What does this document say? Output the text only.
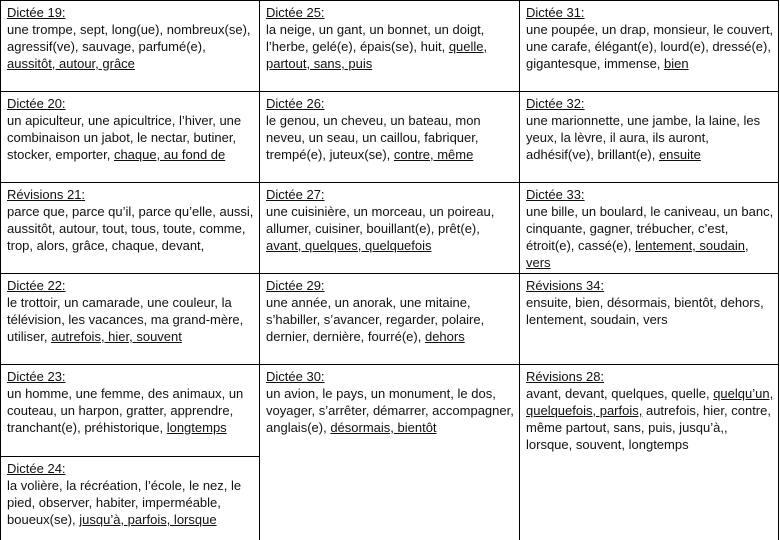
Dictée 19:
une trompe, sept, long(ue), nombreux(se), agressif(ve), sauvage, parfumé(e), aussitôt, autour, grâce
Dictée 25:
la neige, un gant, un bonnet, un doigt, l’herbe, gelé(e), épais(se), huit, quelle, partout, sans, puis
Dictée 31:
une poupée, un drap, monsieur, le couvert, une carafe, élégant(e), lourd(e), dressé(e), gigantesque, immense, bien
Dictée 20:
un apiculteur, une apicultrice, l’hiver, une combinaison un jabot, le nectar, butiner, stocker, emporter, chaque, au fond de
Dictée 26:
le genou, un cheveu, un bateau, mon neveu, un seau, un caillou, fabriquer, trempé(e), juteux(se), contre, même
Dictée 32:
une marionnette, une jambe, la laine, les yeux, la lèvre, il aura, ils auront, adhésif(ve), brillant(e), ensuite
Révisions 21:
parce que, parce qu’il, parce qu’elle, aussi, aussitôt, autour, tout, tous, toute, comme, trop, alors, grâce, chaque, devant,
Dictée 27:
une cuisinière, un morceau, un poireau, allumer, cuisiner, bouillant(e), prêt(e), avant, quelques, quelquefois
Dictée 33:
une bille, un boulard, le caniveau, un banc, cinquante, gagner, trébucher, c’est, étroit(e), cassé(e), lentement, soudain, vers
Dictée 22:
le trottoir, un camarade, une couleur, la télévision, les vacances, ma grand-mère, utiliser, autrefois, hier, souvent
Dictée 29:
une année, un anorak, une mitaine, s’habiller, s’avancer, regarder, polaire, dernier, dernière, fourré(e), dehors
Révisions 34:
ensuite, bien, désormais, bientôt, dehors, lentement, soudain, vers
Dictée 23:
un homme, une femme, des animaux, un couteau, un harpon, gratter, apprendre, tranchant(e), préhistorique, longtemps
Dictée 30:
un avion, le pays, un monument, le dos, voyager, s’arrêter, démarrer, accompagner, anglais(e), désormais, bientôt
Révisions 28:
avant, devant, quelques, quelle, quelqu’un, quelquefois, parfois, autrefois, hier, contre, même partout, sans, puis, jusqu’à,, lorsque, souvent, longtemps
Dictée 24:
la volière, la récréation, l’école, le nez, le pied, observer, habiter, imperméable, boueux(se), jusqu’à, parfois, lorsque
